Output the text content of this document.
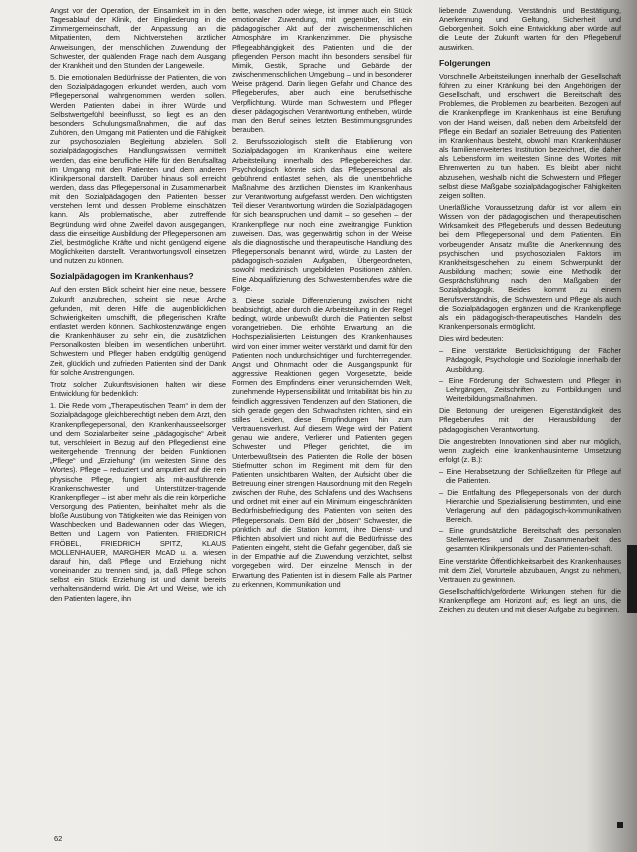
Angst vor der Operation, der Einsamkeit im in den Tagesablauf der Klinik, der Eingliederung in die Zimmergemeinschaft, der Anpassung an die Mitpatienten, dem Nichtverstehen ärztlicher Anweisungen, der menschlichen Zuwendung der Schwester, der quälenden Frage nach dem Ausgang der Krankheit und den Stunden der Langeweile.

5. Die emotionalen Bedürfnisse der Patienten, die von den Sozialpädagogen erkundet werden, auch vom Pflegepersonal wahrgenommen werden sollen. Werden Patienten dabei in ihrer Würde und Selbstwertgefühl beeinflusst, so liegt es an den besonders Schulungsmaßnahmen, die auf das Zuhören, den Umgang mit Patienten und die Fähigkeit zur psychosozialen Begleitung abzielen. Soll sozialpädagogisches Handlungswissen vermittelt werden, das eine berufliche Hilfe für den Berufsalltag im Umgang mit den Patienten und dem anderen Klinikpersonal darstellt. Darüber hinaus soll erreicht werden, dass das Pflegepersonal in Zusammenarbeit mit den Sozialpädagogen den Patienten besser verstehen lernt und dessen Probleme einschätzen kann. Als problematische, aber zutreffende Begründung wird ohne Zweifel davon ausgegangen, dass die einseitige Ausbildung der Pflegepersonen am Ziel, bestmögliche Kräfte und nicht genügend eigene Möglichkeiten darstellt. Verantwortungsvoll einsetzen und nutzen zu können.

Sozialpädagogen im Krankenhaus?

Auf den ersten Blick scheint hier eine neue, bessere Zukunft anzubrechen, scheint sie neue Arche gefunden, mit deren Hilfe die augenblicklichen Schwierigkeiten umschifft, die pflegerischen Kräfte entlastet werden können. Sachkostenzwänge engen die Krankenhäuser zu sehr ein, die zusätzlichen Personalkosten bleiben im wesentlichen unberührt. Schwestern und Pfleger haben endgültig genügend Zeit, glücklich und zufrieden Patienten sind der Dank für solche Anstrengungen.

Trotz solcher Zukunftsvisionen halten wir diese Entwicklung für bedenklich:

1. Die Rede vom „Therapeutischen Team“ in dem der Sozialpädagoge gleichberechtigt neben dem Arzt, den Krankenpflegepersonal, den Krankenhausseelsorger und dem Sozialarbeiter seine „pädagogische“ Arbeit tut, verschleiert in Bezug auf den Pflegedienst eine weitergehende Trennung der beiden Funktionen „Pflege“ und „Erziehung“ (im weitesten Sinne des Wortes). Pflege – reduziert und amputiert auf die rein physische Pflege, fungiert als mit-ausführende Krankenschwester und Unterstützer-tragende Krankenpfleger – ist aber mehr als die rein körperliche Versorgung des Patienten, beinhaltet mehr als die bloße Ausübung von Tätigkeiten wie das Reinigen von Waschbecken und Badewannen oder das Wiegen, Betten und Lagern von Patienten. FRIEDRICH FRÖBEL, FRIEDRICH SPITZ, KLAUS MOLLENHAUER, MARGHER McAD u. a. wiesen darauf hin, daß Pflege und Erziehung nicht voneinander zu trennen sind, ja, daß Pflege schon selbst ein Stück Erziehung ist und damit bereits verhaltensändernd wirkt. Die Art und Weise, wie ich den Patienten lagere, ihn

bette, waschen oder wiege, ist immer auch ein Stück emotionaler Zuwendung, mit gegenüber, ist ein pädagogischer Akt auf der zwischenmenschlichen Atmosphäre im Krankenzimmer. Die physische Pflegeabhängigkeit des Patienten und die der pflegenden Person macht ihn besonders sensibel für Mimik, Gestik, Sprache und Gebärde der zwischenmenschlichen Umgebung – und in besonderer Weise prägend. Darin liegen Gefahr und Chance des Pflegeberufes, aber auch eine berufsethische Verpflichtung. Würde man Schwestern und Pfleger dieser pädagogischen Verantwortung entheben, würde man den Beruf seines letzten Bestimmungsgrundes berauben.

2. Berufssoziologisch stellt die Etablierung von Sozialpädagogen im Krankenhaus eine weitere Arbeitsteilung innerhalb des Pflegebereiches dar. Psychologisch könnte sich das Pflegepersonal als gebührend entlastet sehen, als die unentbehrliche Maßnahme des ärztlichen Dienstes im Krankenhaus zur Verantwortung aufgefasst werden. Den wichtigsten Teil dieser Verantwortung würden die Sozialpädagogen für sich beanspruchen und damit – so gesehen – der Krankenpflege nur noch eine zweitrangige Funktion zuweisen. Das, was gegenwärtig schon in der Weise als die diagnostische und therapeutische Handlung des Pflegepersonals benannt wird, würde zu Lasten der pädagogisch-sozialen Aufgaben, Übergeordneten, sowohl medizinisch ungebildeten Positionen zählen. Eine Abqualifizierung des Schwesternberufes wäre die Folge.

3. Diese soziale Differenzierung zwischen nicht beabsichtigt, aber durch die Arbeitsteilung in der Regel bedingt, würde unbewußt durch die Patienten selbst vorangetrieben. Die erhöhte Erwartung an die Hochspezialisierten Leistungen des Krankenhauses wird von einer immer weiter verstärkt und damit für den Patienten noch undurchsichtiger und furchterregender. Angst und Ohnmacht oder die Ausgangspunkt für aggressive Reaktionen gegen Vorgesetzte, beide Formen des Empfindens einer verunsichernden Welt, zunehmende Hypersensibilität und Irritabilität bis hin zu feindlich aggressiven Tendenzen auf den Stationen, die sich gerade gegen den Schwachsten richten, sind ein stilles Leiden, diese Empfindungen hin zum Vertrauensverlust. Auf diesem Wege wird der Patient genau wie andere, Verlierer und Patienten gegen Schwester und Pfleger gerichtet, die im Unterbewußtsein des Patienten die Rolle der bösen Stiefmutter schon im Regiment mit dem für den Patienten unsichtbaren Walten, der Aufsicht über die Betreuung einer strengen Hausordnung mit den Regeln zwischen der Ruhe, des Schlafens und des Wachsens und ordnet mit einer auf ein Minimum eingeschränkten Bedürfnisbefriedigung des Patienten von seiten des Pflegepersonals. Dem Bild der „bösen“ Schwester, die pünktlich auf die Station kommt, ihre Dienst- und Pflichten absolviert und nicht auf die Bedürfnisse des Patienten eingeht, steht die Gefahr gegenüber, daß sie in der Empathie auf die Zuwendung verzichtet, selbst vorgegeben wird. Der einzelne Mensch in der Erwartung des Patienten ist in diesem Falle als Partner zu erkennen, Kommunikation und

liebende Zuwendung. Verständnis und Bestätigung, Anerkennung und Geltung, Sicherheit und Geborgenheit. Solch eine Entwicklung aber würde auf die Leute der Zukunft warten für den Pflegeberuf auswirken.

Folgerungen

Vorschnelle Arbeitsteilungen innerhalb der Gesellschaft führen zu einer Kränkung bei den Angehörigen der Gesellschaft, und erschwert die Bereitschaft des Problemes, die Problemen zu bearbeiten. Bezogen auf die Krankenpflege im Krankenhaus ist eine Berufung von der Hand weisen, daß neben dem Arbeitsfeld der Pflege ein Bedarf an sozialer Betreuung des Patienten im Krankenhaus besteht, obwohl man Krankenhäuser als familienerweitertes Institution bezeichnet, die daher als Lebensform im weitesten Sinne des Wortes mit Ehrenwerten zu tun haben. Es bleibt aber nicht abzusehen, weshalb nicht die Schwestern und Pfleger selbst diese Maßgabe sozialpädagogischer Fähigkeiten zeigen sollten.

Unerläßliche Voraussetzung dafür ist vor allem ein Wissen von der pädagogischen und therapeutischen Wirksamkeit des Pflegeberufs und dessen Bedeutung bei dem Pflegepersonal und dem Patienten. Ein vorbeugender Ansatz mußte die Anerkennung des psychischen und psychosozialen Faktors im Krankheitsgeschehen zu einem Schwerpunkt der Ausbildung machen; sowie eine Methodik der Gesprächsführung nach den Maßgaben der Sozialpädagogik. Beides kommt zu einem Berufsverständnis, die Schwestern und Pflege als auch die Sozialpädagogen ergänzen und die Krankenpflege als ein pädagogisch-therapeutisches Handeln des Krankenpersonals ermöglicht.

Dies wird bedeuten:

– Eine verstärkte Berücksichtigung der Fächer Pädagogik, Psychologie und Soziologie innerhalb der Ausbildung.
– Eine Förderung der Schwestern und Pfleger in Lehrgängen, Zeitschriften zu Fortbildungen und Weiterbildungsmaßnahmen.

Die Betonung der ureigenen Eigenständigkeit des Pflegeberufes mit der Herausbildung der pädagogischen Verantwortung.

Die angestrebten Innovationen sind aber nur möglich, wenn zugleich eine krankenhausinterne Umsetzung erfolgt (z. B.):

– Eine Herabsetzung der Schließzeiten für Pflege auf die Patienten.
– Die Entfaltung des Pflegepersonals von der durch Hierarchie und Spezialisierung bestimmten, und eine Verlagerung auf den pädagogisch-kommunikativen Bereich.
– Eine grundsätzliche Bereitschaft des personalen Stellenwertes und der Zusammenarbeit des gesamten Klinikpersonals und der Patienten-schaft.

Eine verstärkte Öffentlichkeitsarbeit des Krankenhauses mit dem Ziel, Vorurteile abzubauen, Angst zu nehmen, Vertrauen zu gewinnen.

Gesellschaftlich/geförderte Wirkungen stehen für die Krankenpflege am Horizont auf; es liegt an uns, die Zeichen zu deuten und mit dieser Aufgabe zu beginnen.

62
